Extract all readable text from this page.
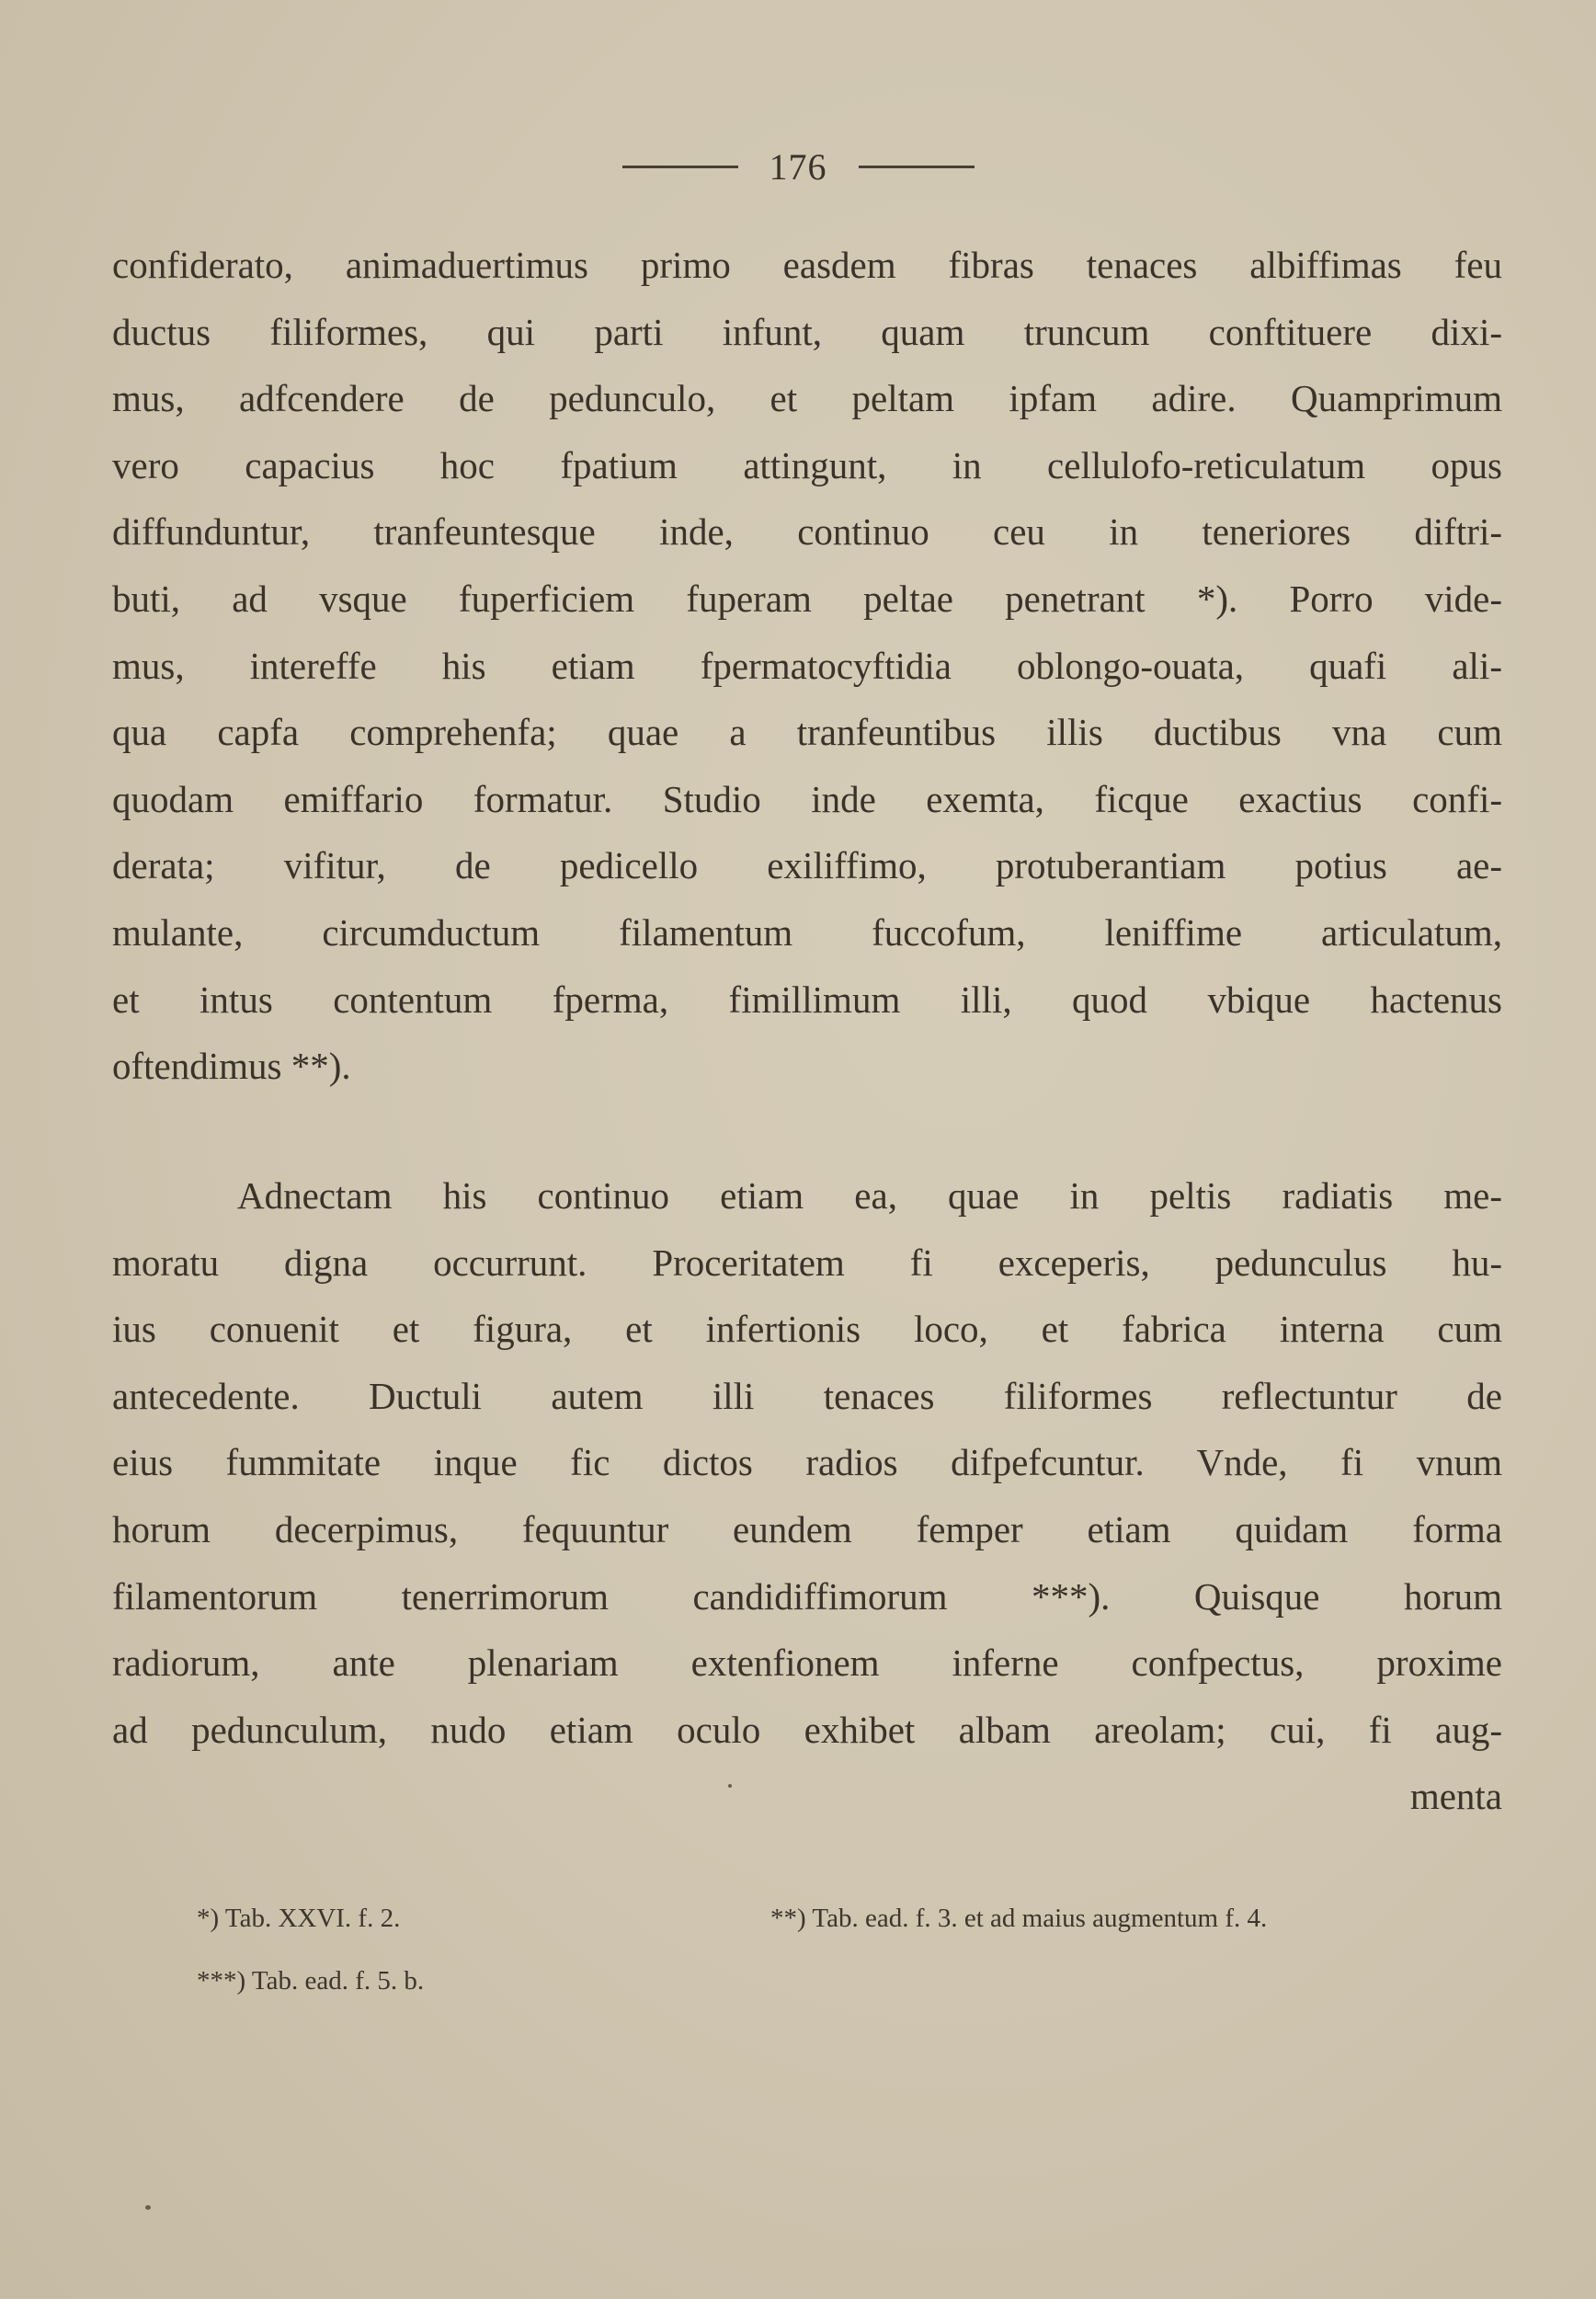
176
confiderato, animaduertimus primo easdem fibras tenaces albiffimas feu
ductus filiformes, qui parti infunt, quam truncum conftituere dixi-
mus, adfcendere de pedunculo, et peltam ipfam adire. Quamprimum
vero capacius hoc fpatium attingunt, in cellulofo-reticulatum opus
diffunduntur, tranfeuntesque inde, continuo ceu in teneriores diftri-
buti, ad vsque fuperficiem fuperam peltae penetrant *). Porro vide-
mus, intereffe his etiam fpermatocyftidia oblongo-ouata, quafi ali-
qua capfa comprehenfa; quae a tranfeuntibus illis ductibus vna cum
quodam emiffario formatur. Studio inde exemta, ficque exactius confi-
derata; vifitur, de pedicello exiliffimo, protuberantiam potius ae-
mulante, circumductum filamentum fuccofum, leniffime articulatum,
et intus contentum fperma, fimillimum illi, quod vbique hactenus
oftendimus **).
Adnectam his continuo etiam ea, quae in peltis radiatis me-
moratu digna occurrunt. Proceritatem fi exceperis, pedunculus hu-
ius conuenit et figura, et infertionis loco, et fabrica interna cum
antecedente. Ductuli autem illi tenaces filiformes reflectuntur de
eius fummitate inque fic dictos radios difpefcuntur. Vnde, fi vnum
horum decerpimus, fequuntur eundem femper etiam quidam forma
filamentorum tenerrimorum candidiffimorum ***). Quisque horum
radiorum, ante plenariam extenfionem inferne confpectus, proxime
ad pedunculum, nudo etiam oculo exhibet albam areolam; cui, fi aug-
menta
*) Tab. XXVI. f. 2.	**) Tab. ead. f. 3. et ad maius augmentum f. 4.
***) Tab. ead. f. 5. b.
